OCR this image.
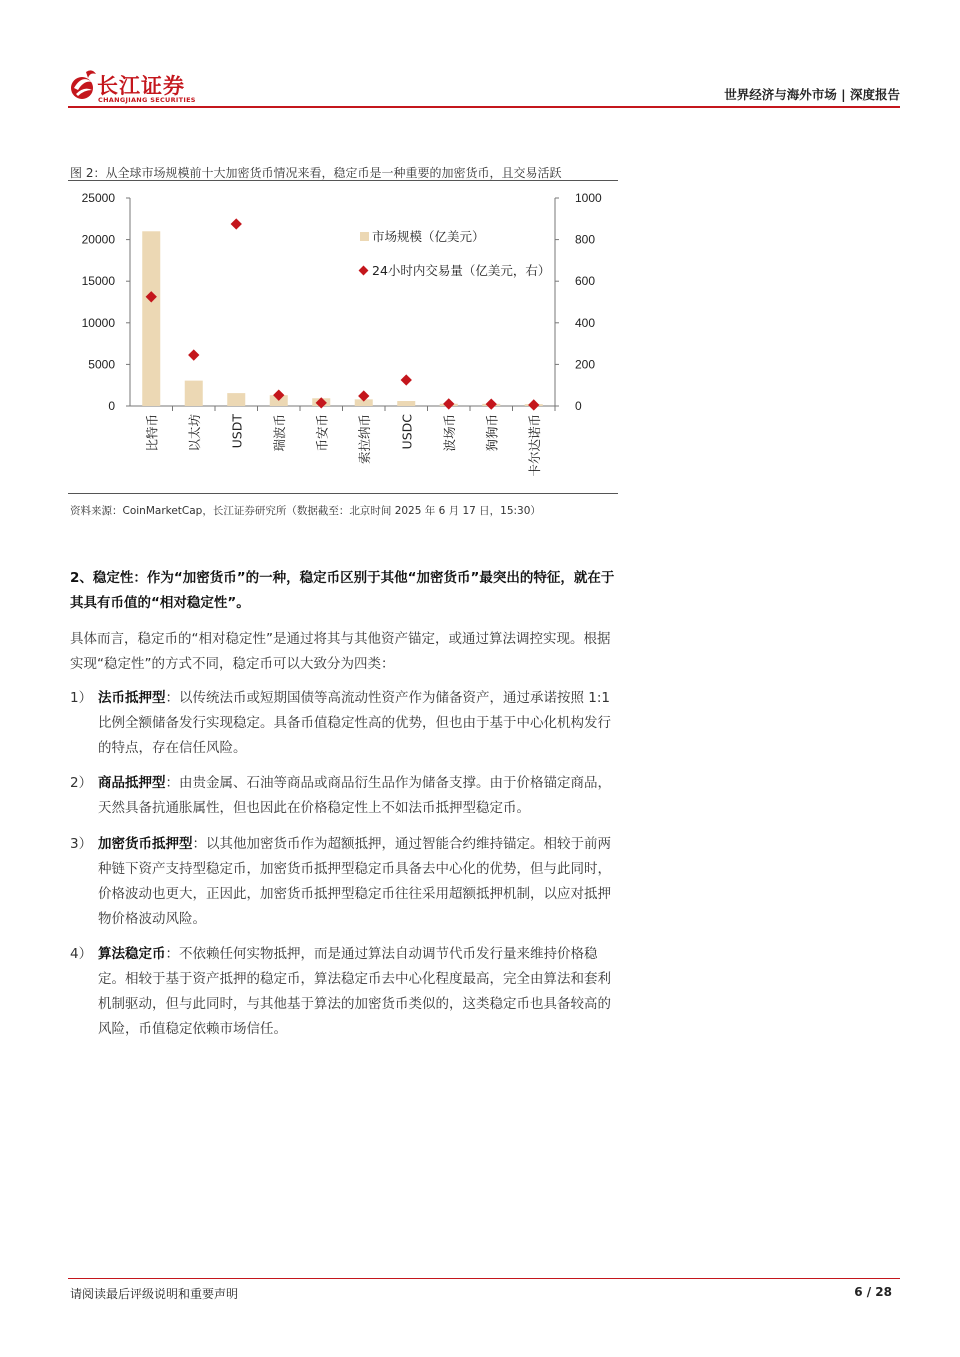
长江证券
CHANGJIANG SECURITIES	世界经济与海外市场 | 深度报告
图 2：从全球市场规模前十大加密货币情况来看，稳定币是一种重要的加密货币，且交易活跃
0
5000
10000
15000
20000
25000
0
200
400
600
800
1000
比特币 以太坊 USDT 瑞波币 币安币 索拉纳币 USDC 波场币 狗狗币 卡尔达诺币
市场规模（亿美元）
24小时内交易量（亿美元，右）
资料来源：CoinMarketCap，长江证券研究所（数据截至：北京时间 2025 年 6 月 17 日，15:30）
2、稳定性：作为“加密货币”的一种，稳定币区别于其他“加密货币”最突出的特征，就在于其具有币值的“相对稳定性”。
具体而言，稳定币的“相对稳定性”是通过将其与其他资产锚定，或通过算法调控实现。根据实现“稳定性”的方式不同，稳定币可以大致分为四类：
1） 法币抵押型：以传统法币或短期国债等高流动性资产作为储备资产，通过承诺按照 1:1 比例全额储备发行实现稳定。具备币值稳定性高的优势，但也由于基于中心化机构发行的特点，存在信任风险。
2） 商品抵押型：由贵金属、石油等商品或商品衍生品作为储备支撑。由于价格锚定商品，天然具备抗通胀属性，但也因此在价格稳定性上不如法币抵押型稳定币。
3） 加密货币抵押型：以其他加密货币作为超额抵押，通过智能合约维持锚定。相较于前两种链下资产支持型稳定币，加密货币抵押型稳定币具备去中心化的优势，但与此同时，价格波动也更大，正因此，加密货币抵押型稳定币往往采用超额抵押机制，以应对抵押物价格波动风险。
4） 算法稳定币：不依赖任何实物抵押，而是通过算法自动调节代币发行量来维持价格稳定。相较于基于资产抵押的稳定币，算法稳定币去中心化程度最高，完全由算法和套利机制驱动，但与此同时，与其他基于算法的加密货币类似的，这类稳定币也具备较高的风险，币值稳定依赖市场信任。
请阅读最后评级说明和重要声明	6 / 28
